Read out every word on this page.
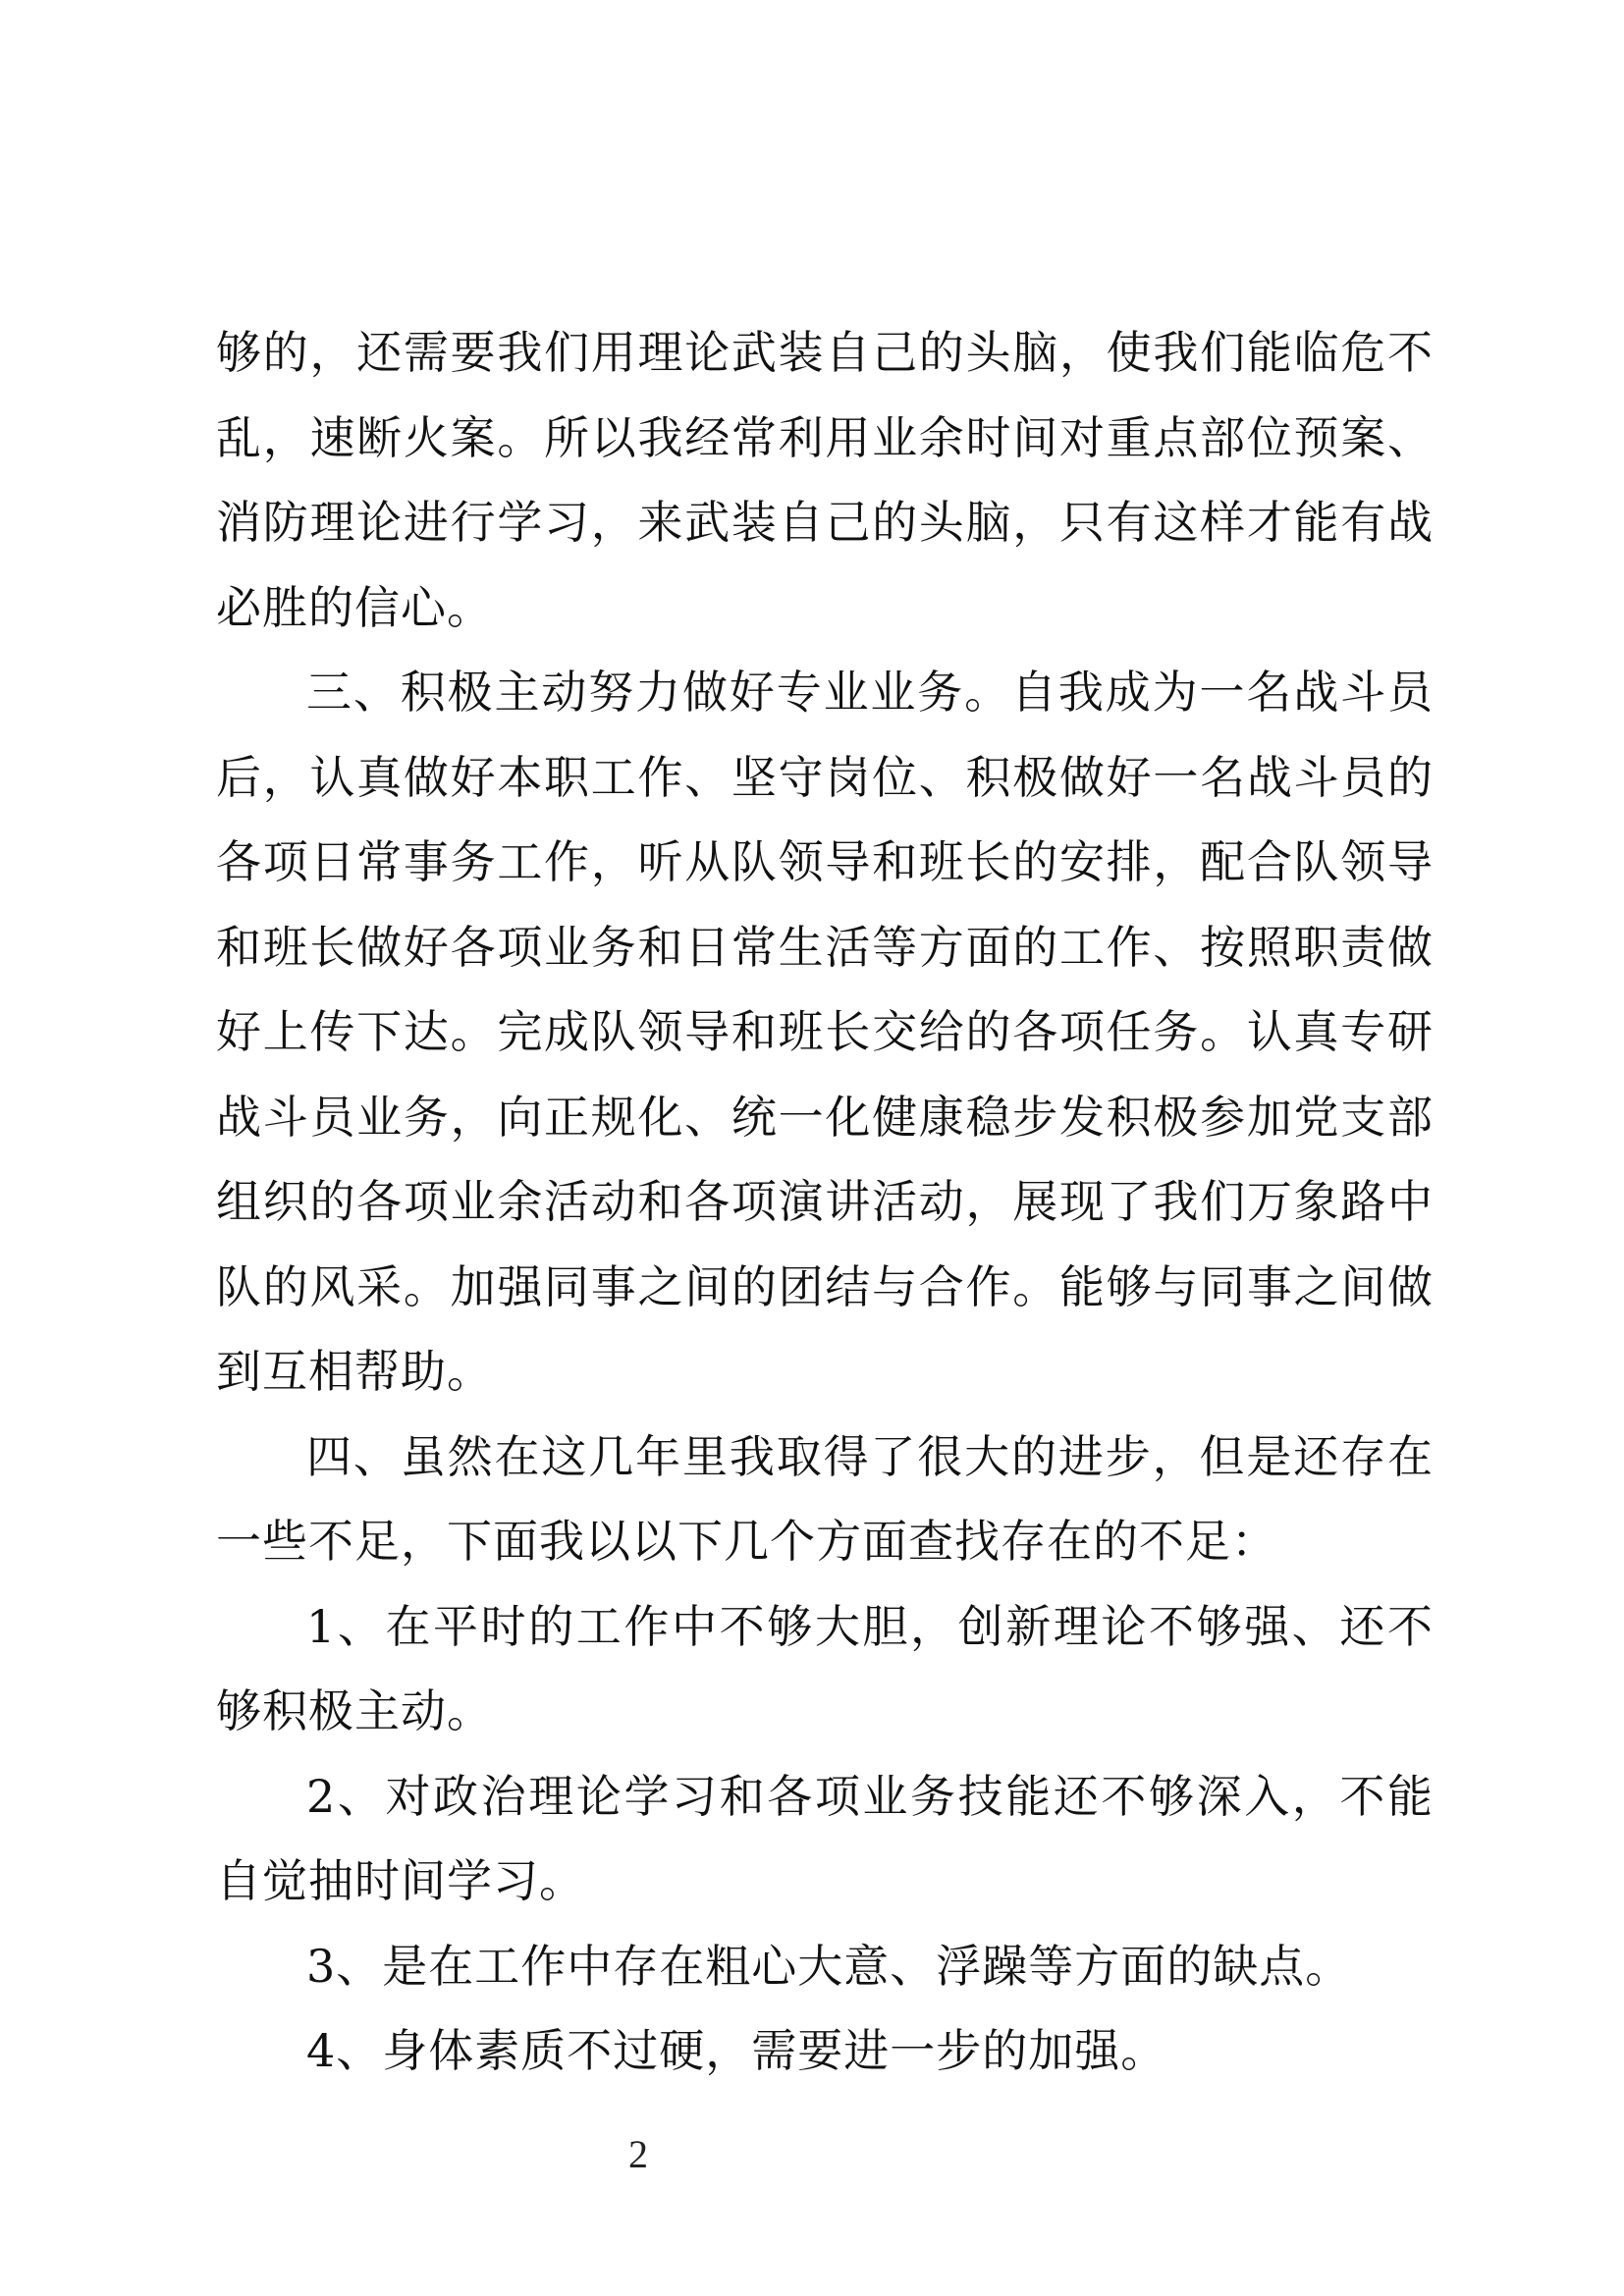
够的，还需要我们用理论武装自己的头脑，使我们能临危不乱，速断火案。所以我经常利用业余时间对重点部位预案、消防理论进行学习，来武装自己的头脑，只有这样才能有战必胜的信心。

三、积极主动努力做好专业业务。自我成为一名战斗员后，认真做好本职工作、坚守岗位、积极做好一名战斗员的各项日常事务工作，听从队领导和班长的安排，配合队领导和班长做好各项业务和日常生活等方面的工作、按照职责做好上传下达。完成队领导和班长交给的各项任务。认真专研战斗员业务，向正规化、统一化健康稳步发积极参加党支部组织的各项业余活动和各项演讲活动，展现了我们万象路中队的风采。加强同事之间的团结与合作。能够与同事之间做到互相帮助。

四、虽然在这几年里我取得了很大的进步，但是还存在一些不足，下面我以以下几个方面查找存在的不足：

1、在平时的工作中不够大胆，创新理论不够强、还不够积极主动。

2、对政治理论学习和各项业务技能还不够深入，不能自觉抽时间学习。

3、是在工作中存在粗心大意、浮躁等方面的缺点。

4、身体素质不过硬，需要进一步的加强。

2
